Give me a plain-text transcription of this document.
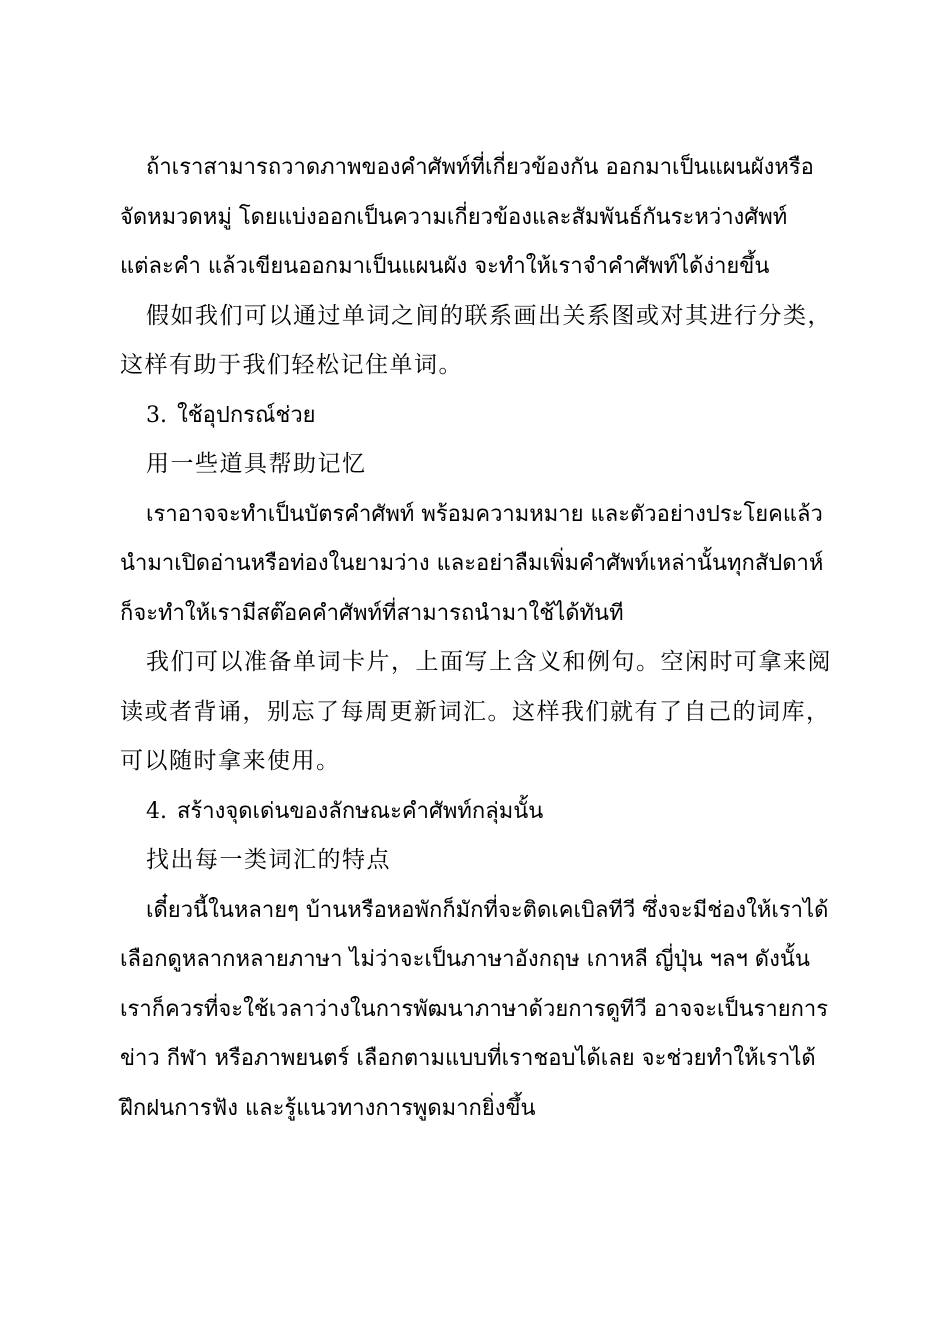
ถ้าเราสามารถวาดภาพของคำศัพท์ที่เกี่ยวข้องกัน ออกมาเป็นแผนผังหรือจัดหมวดหมู่ โดยแบ่งออกเป็นความเกี่ยวข้องและสัมพันธ์กันระหว่างศัพท์แต่ละคำ แล้วเขียนออกมาเป็นแผนผัง จะทำให้เราจำคำศัพท์ได้ง่ายขึ้น

假如我们可以通过单词之间的联系画出关系图或对其进行分类，这样有助于我们轻松记住单词。

3. ใช้อุปกรณ์ช่วย

用一些道具帮助记忆

เราอาจจะทำเป็นบัตรคำศัพท์ พร้อมความหมาย และตัวอย่างประโยคแล้วนำมาเปิดอ่านหรือท่องในยามว่าง และอย่าลืมเพิ่มคำศัพท์เหล่านั้นทุกสัปดาห์ ก็จะทำให้เรามีสต๊อคคำศัพท์ที่สามารถนำมาใช้ได้ทันที

我们可以准备单词卡片，上面写上含义和例句。空闲时可拿来阅读或者背诵，别忘了每周更新词汇。这样我们就有了自己的词库，可以随时拿来使用。

4. สร้างจุดเด่นของลักษณะคำศัพท์กลุ่มนั้น

找出每一类词汇的特点

เดี๋ยวนี้ในหลายๆ บ้านหรือหอพักก็มักที่จะติดเคเบิลทีวี ซึ่งจะมีช่องให้เราได้เลือกดูหลากหลายภาษา ไม่ว่าจะเป็นภาษาอังกฤษ เกาหลี ญี่ปุ่น ฯลฯ ดังนั้นเราก็ควรที่จะใช้เวลาว่างในการพัฒนาภาษาด้วยการดูทีวี อาจจะเป็นรายการข่าว กีฬา หรือภาพยนตร์ เลือกตามแบบที่เราชอบได้เลย จะช่วยทำให้เราได้ฝึกฝนการฟัง และรู้แนวทางการพูดมากยิ่งขึ้น
